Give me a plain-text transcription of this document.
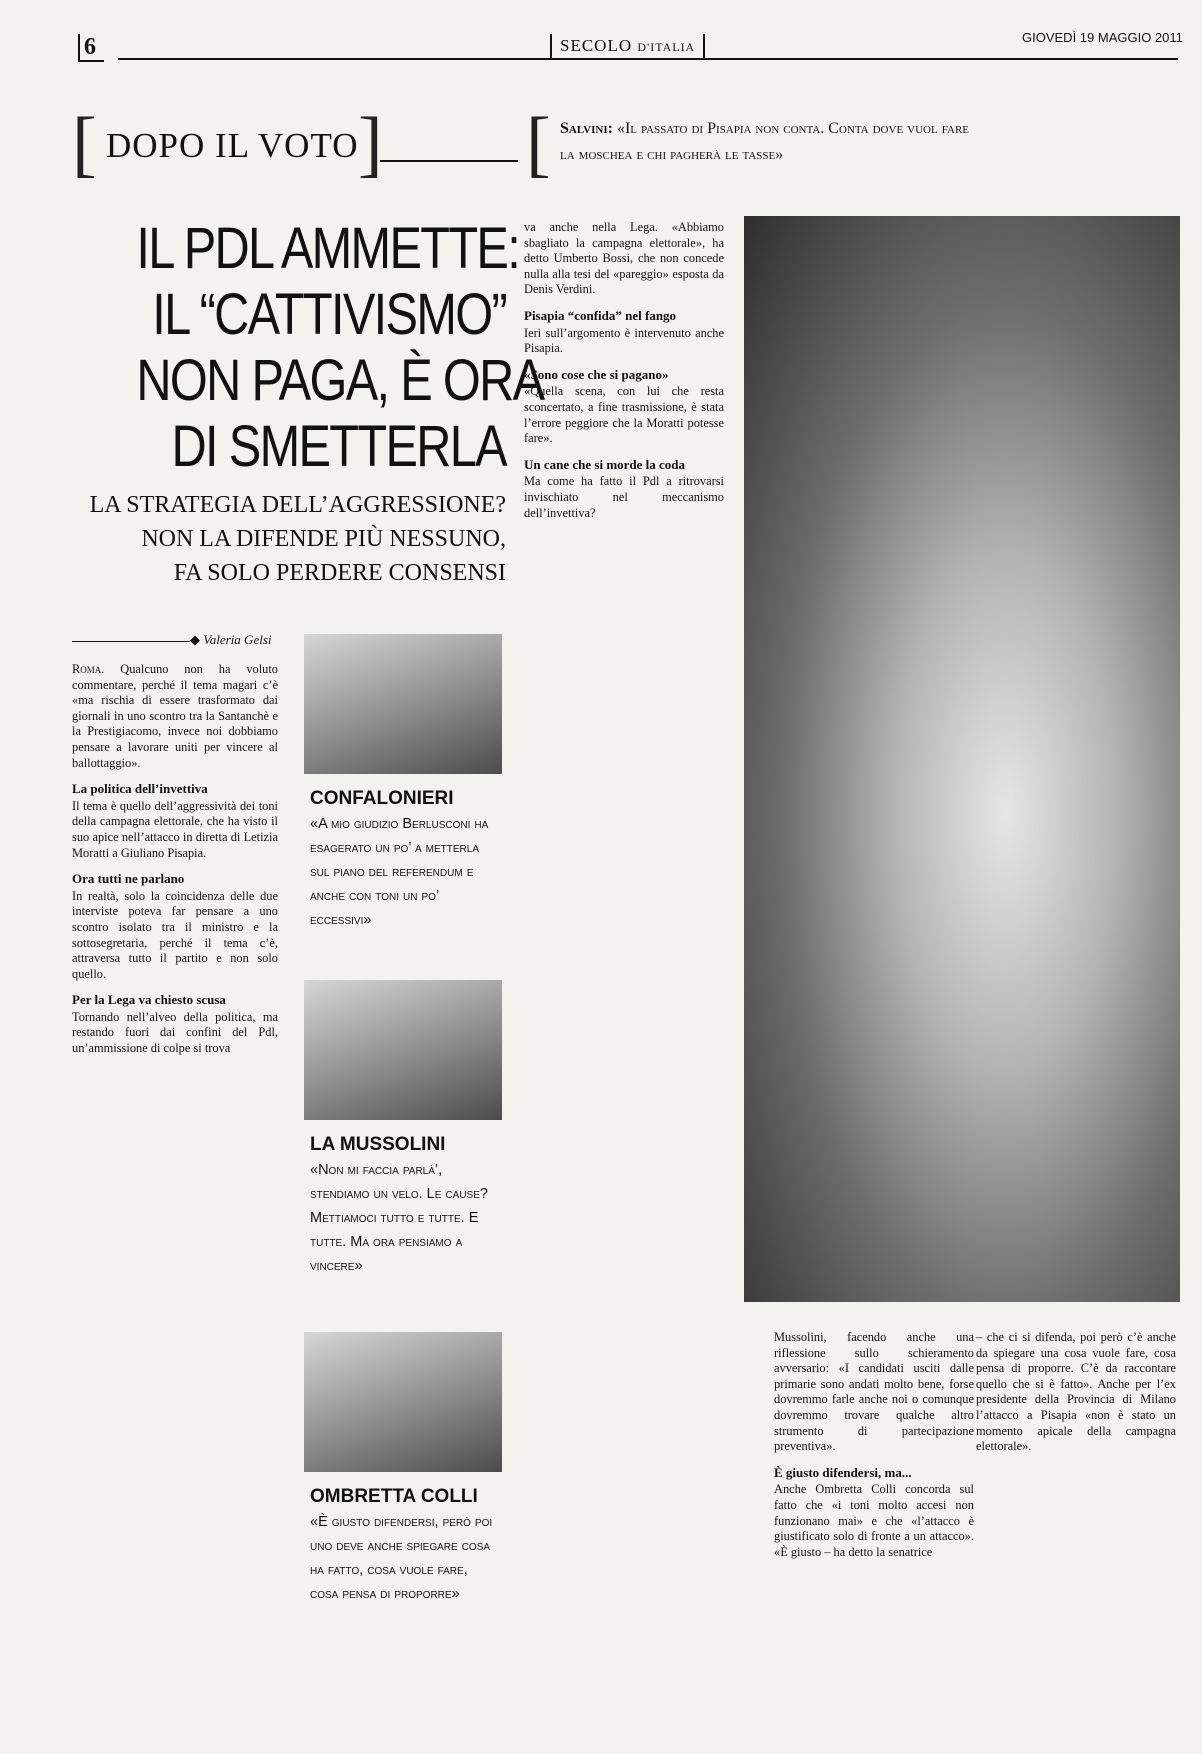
6	SECOLO D'ITALIA
GIOVEDÌ 19 MAGGIO 2011
[ DOPO IL VOTO ] [ Salvini: «Il passato di Pisapia non conta. Conta dove vuol fare la moschea e chi pagherà le tasse»
IL PDL AMMETTE:
IL “CATTIVISMO”
NON PAGA, È ORA
DI SMETTERLA
LA STRATEGIA DELL’AGGRESSIONE?
NON LA DIFENDE PIÙ NESSUNO,
FA SOLO PERDERE CONSENSI
◆ Valeria Gelsi

Roma. Qualcuno non ha voluto commentare, perché il tema magari c’è «ma rischia di essere trasformato dai giornali in uno scontro tra la Santanchè e la Prestigiacomo, invece noi dobbiamo pensare a lavorare uniti per vincere al ballottaggio».

La politica dell’invettiva

Il tema è quello dell’aggressività dei toni della campagna elettorale, che ha visto il suo apice nell’attacco in diretta di Letizia Moratti a Giuliano Pisapia.

Ora tutti ne parlano

In realtà, solo la coincidenza delle due interviste poteva far pensare a uno scontro isolato tra il ministro e la sottosegretaria, perché il tema c’è, attraversa tutto il partito e non solo quello.

Per la Lega va chiesto scusa

Tornando nell’alveo della politica, ma restando fuori dai confini del Pdl, un’ammissione di colpe si trova

CONFALONIERI
«A mio giudizio Berlusconi ha esagerato un po’ a metterla sul piano del referendum e anche con toni un po’ eccessivi»
LA MUSSOLINI
«Non mi faccia parlà’, stendiamo un velo. Le cause? Mettiamoci tutto e tutte. E tutte. Ma ora pensiamo a vincere»
OMBRETTA COLLI
«È giusto difendersi, però poi uno deve anche spiegare cosa ha fatto, cosa vuole fare, cosa pensa di proporre»

va anche nella Lega. «Abbiamo sbagliato la campagna elettorale», ha detto Umberto Bossi, che non concede nulla alla tesi del «pareggio» esposta da Denis Verdini.

Pisapia “confida” nel fango

Ieri sull’argomento è intervenuto anche Pisapia.

«Sono cose che si pagano»

«Quella scena, con lui che resta sconcertato, a fine trasmissione, è stata l’errore peggiore che la Moratti potesse fare».

Un cane che si morde la coda

Ma come ha fatto il Pdl a ritrovarsi invischiato nel meccanismo dell’invettiva?

Mussolini, facendo anche una riflessione sullo schieramento avversario: «I candidati usciti dalle primarie sono andati molto bene, forse dovremmo farle anche noi o comunque dovremmo trovare qualche altro strumento di partecipazione preventiva».

È giusto difendersi, ma...

Anche Ombretta Colli concorda sul fatto che «i toni molto accesi non funzionano mai» e che «l’attacco è giustificato solo di fronte a un attacco». «È giusto – ha detto la senatrice

– che ci si difenda, poi però c’è anche da spiegare una cosa vuole fare, cosa pensa di proporre. C’è da raccontare quello che si è fatto». Anche per l’ex presidente della Provincia di Milano l’attacco a Pisapia «non è stato un momento apicale della campagna elettorale».
